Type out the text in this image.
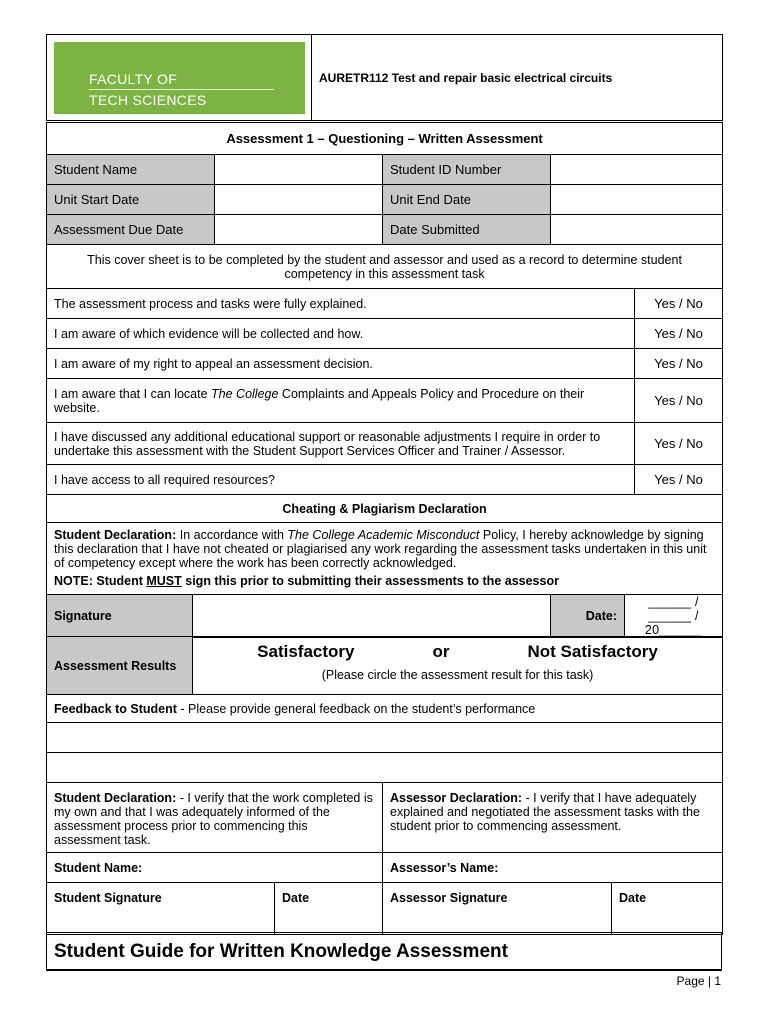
FACULTY OF
TECH SCIENCES

AURETR112 Test and repair basic electrical circuits
Assessment 1 – Questioning – Written Assessment						
Student Name			Student ID Number			
Unit Start Date			Unit End Date			
Assessment Due Date			Date Submitted			
This cover sheet is to be completed by the student and assessor and used as a record to determine student competency in this assessment task						
The assessment process and tasks were fully explained.						Yes / No
I am aware of which evidence will be collected and how.						Yes / No
I am aware of my right to appeal an assessment decision.						Yes / No
I am aware that I can locate The College Complaints and Appeals Policy and Procedure on their website.						Yes / No
I have discussed any additional educational support or reasonable adjustments I require in order to undertake this assessment with the Student Support Services Officer and Trainer / Assessor.						Yes / No
I have access to all required resources?						Yes / No
Cheating & Plagiarism Declaration						

Student Declaration: In accordance with The College Academic Misconduct Policy, I hereby acknowledge by signing this declaration that I have not cheated or plagiarised any work regarding the assessment tasks undertaken in this unit of competency except where the work has been correctly acknowledged.
NOTE: Student MUST sign this prior to submitting their assessments to the assessor						

Signature				Date:	______ / ______ / 20______	
Assessment Results	Satisfactory or Not Satisfactory
(Please circle the assessment result for this task)			

Feedback to Student - Please provide general feedback on the student’s performance				

Student Declaration: - I verify that the work completed is my own and that I was adequately informed of the assessment process prior to commencing this assessment task.			Assessor Declaration: - I verify that I have adequately explained and negotiated the assessment tasks with the student prior to commencing assessment.	
Student Name:			Assessor’s Name:	
Student Signature		Date	Assessor Signature	Date
Student Guide for Written Knowledge Assessment
Page | 1
